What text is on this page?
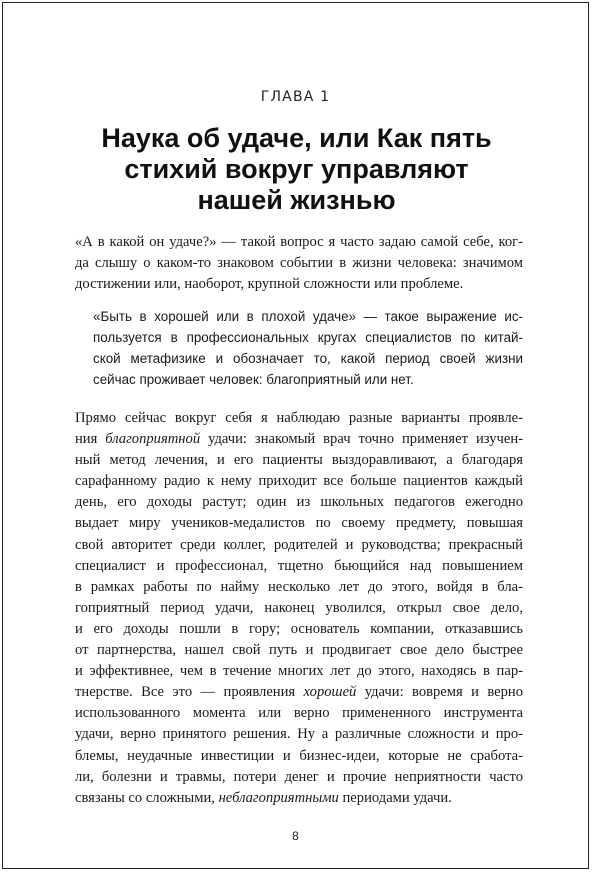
ГЛАВА 1
Наука об удаче, или Как пять
стихий вокруг управляют
нашей жизнью
«А в какой он удаче?» — такой вопрос я часто задаю самой себе, ког-
да слышу о каком-то знаковом событии в жизни человека: значимом
достижении или, наоборот, крупной сложности или проблеме.
«Быть в хорошей или в плохой удаче» — такое выражение ис-
пользуется в профессиональных кругах специалистов по китай-
ской метафизике и обозначает то, какой период своей жизни
сейчас проживает человек: благоприятный или нет.
Прямо сейчас вокруг себя я наблюдаю разные варианты проявле-
ния благоприятной удачи: знакомый врач точно применяет изучен-
ный метод лечения, и его пациенты выздоравливают, а благодаря
сарафанному радио к нему приходит все больше пациентов каждый
день, его доходы растут; один из школьных педагогов ежегодно
выдает миру учеников-медалистов по своему предмету, повышая
свой авторитет среди коллег, родителей и руководства; прекрасный
специалист и профессионал, тщетно бьющийся над повышением
в рамках работы по найму несколько лет до этого, войдя в бла-
гоприятный период удачи, наконец уволился, открыл свое дело,
и его доходы пошли в гору; основатель компании, отказавшись
от партнерства, нашел свой путь и продвигает свое дело быстрее
и эффективнее, чем в течение многих лет до этого, находясь в пар-
тнерстве. Все это — проявления хорошей удачи: вовремя и верно
использованного момента или верно примененного инструмента
удачи, верно принятого решения. Ну а различные сложности и про-
блемы, неудачные инвестиции и бизнес-идеи, которые не сработа-
ли, болезни и травмы, потери денег и прочие неприятности часто
связаны со сложными, неблагоприятными периодами удачи.
8
